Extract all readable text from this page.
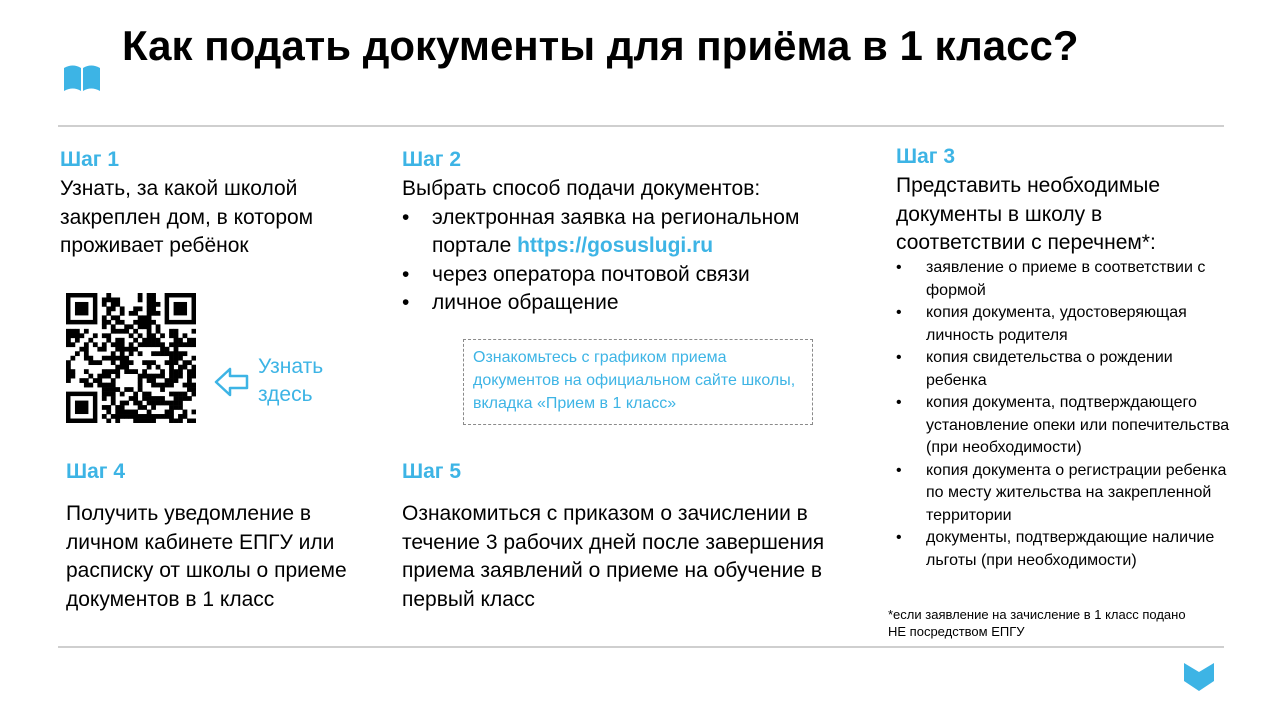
Как подать документы для приёма в 1 класс?
Шаг 1
Узнать, за какой школой закреплен дом, в котором проживает ребёнок
Узнать здесь
Шаг 2
Выбрать способ подачи документов:
• электронная заявка на региональном портале https://gosuslugi.ru
• через оператора почтовой связи
• личное обращение
Ознакомьтесь с графиком приема документов на официальном сайте школы, вкладка «Прием в 1 класс»
Шаг 3
Представить необходимые документы в школу в соответствии с перечнем*:
• заявление о приеме в соответствии с формой
• копия документа, удостоверяющая личность родителя
• копия свидетельства о рождении ребенка
• копия документа, подтверждающего установление опеки или попечительства (при необходимости)
• копия документа о регистрации ребенка по месту жительства на закрепленной территории
• документы, подтверждающие наличие льготы (при необходимости)
*если заявление на зачисление в 1 класс подано НЕ посредством ЕПГУ
Шаг 4
Получить уведомление в личном кабинете ЕПГУ или расписку от школы о приеме документов в 1 класс
Шаг 5
Ознакомиться с приказом о зачислении в течение 3 рабочих дней после завершения приема заявлений о приеме на обучение в первый класс
